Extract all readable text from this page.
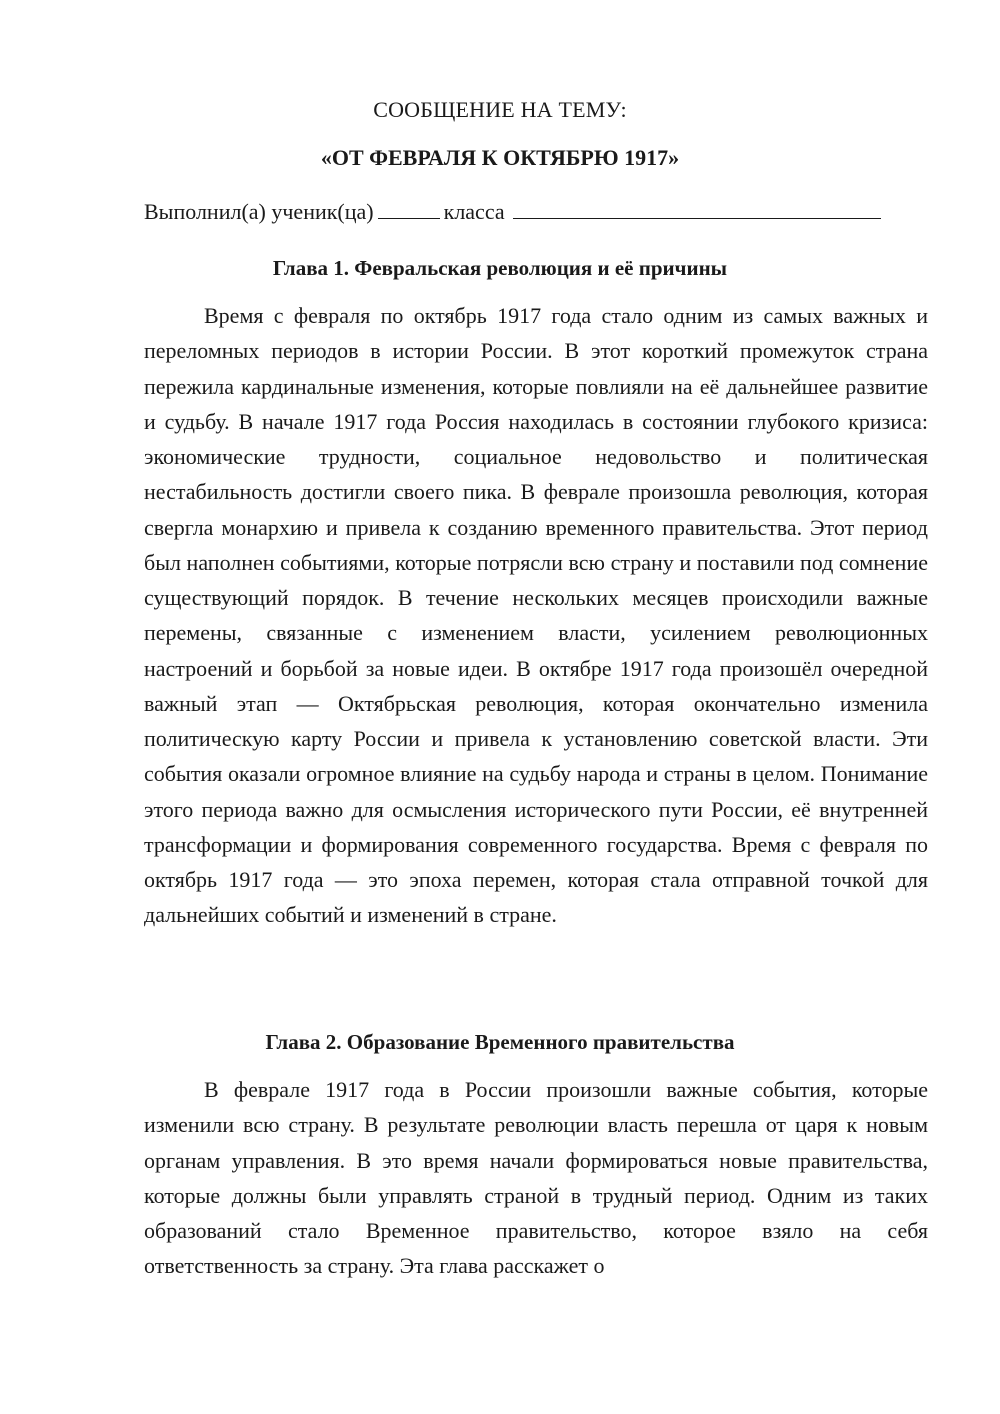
СООБЩЕНИЕ НА ТЕМУ:
«ОТ ФЕВРАЛЯ К ОКТЯБРЮ 1917»
Выполнил(а) ученик(ца)	класса
Глава 1. Февральская революция и её причины

Время с февраля по октябрь 1917 года стало одним из самых важных и переломных периодов в истории России. В этот короткий промежуток страна пережила кардинальные изменения, которые повлияли на её дальнейшее развитие и судьбу. В начале 1917 года Россия находилась в состоянии глубокого кризиса: экономические трудности, социальное недовольство и политическая нестабильность достигли своего пика. В феврале произошла революция, которая свергла монархию и привела к созданию временного правительства. Этот период был наполнен событиями, которые потрясли всю страну и поставили под сомнение существующий порядок. В течение нескольких месяцев происходили важные перемены, связанные с изменением власти, усилением революционных настроений и борьбой за новые идеи. В октябре 1917 года произошёл очередной важный этап — Октябрьская революция, которая окончательно изменила политическую карту России и привела к установлению советской власти. Эти события оказали огромное влияние на судьбу народа и страны в целом. Понимание этого периода важно для осмысления исторического пути России, её внутренней трансформации и формирования современного государства. Время с февраля по октябрь 1917 года — это эпоха перемен, которая стала отправной точкой для дальнейших событий и изменений в стране.

Глава 2. Образование Временного правительства

В феврале 1917 года в России произошли важные события, которые изменили всю страну. В результате революции власть перешла от царя к новым органам управления. В это время начали формироваться новые правительства, которые должны были управлять страной в трудный период. Одним из таких образований стало Временное правительство, которое взяло на себя ответственность за страну. Эта глава расскажет о
